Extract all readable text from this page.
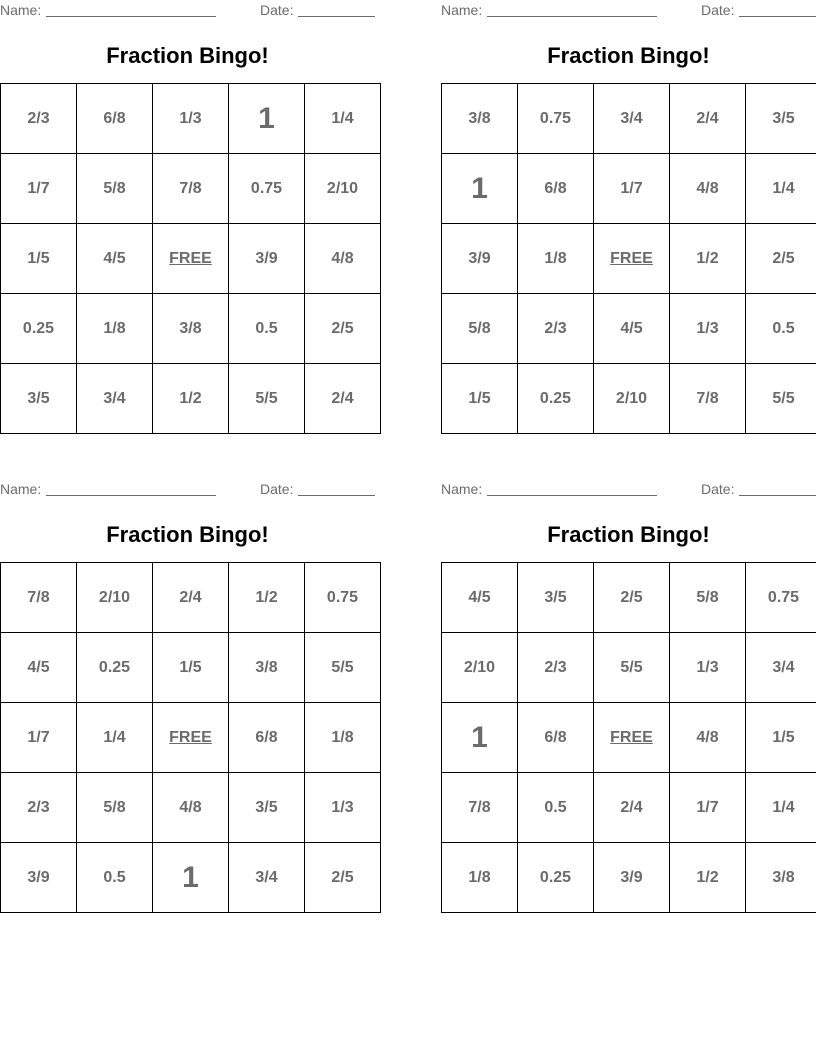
Name:	Date:
Fraction Bingo!
2/3	6/8	1/3	1	1/4
1/7	5/8	7/8	0.75	2/10
1/5	4/5	FREE	3/9	4/8
0.25	1/8	3/8	0.5	2/5
3/5	3/4	1/2	5/5	2/4
Name:	Date:
Fraction Bingo!
3/8	0.75	3/4	2/4	3/5
1	6/8	1/7	4/8	1/4
3/9	1/8	FREE	1/2	2/5
5/8	2/3	4/5	1/3	0.5
1/5	0.25	2/10	7/8	5/5
Name:	Date:
Fraction Bingo!
7/8	2/10	2/4	1/2	0.75
4/5	0.25	1/5	3/8	5/5
1/7	1/4	FREE	6/8	1/8
2/3	5/8	4/8	3/5	1/3
3/9	0.5	1	3/4	2/5
Name:	Date:
Fraction Bingo!
4/5	3/5	2/5	5/8	0.75
2/10	2/3	5/5	1/3	3/4
1	6/8	FREE	4/8	1/5
7/8	0.5	2/4	1/7	1/4
1/8	0.25	3/9	1/2	3/8
